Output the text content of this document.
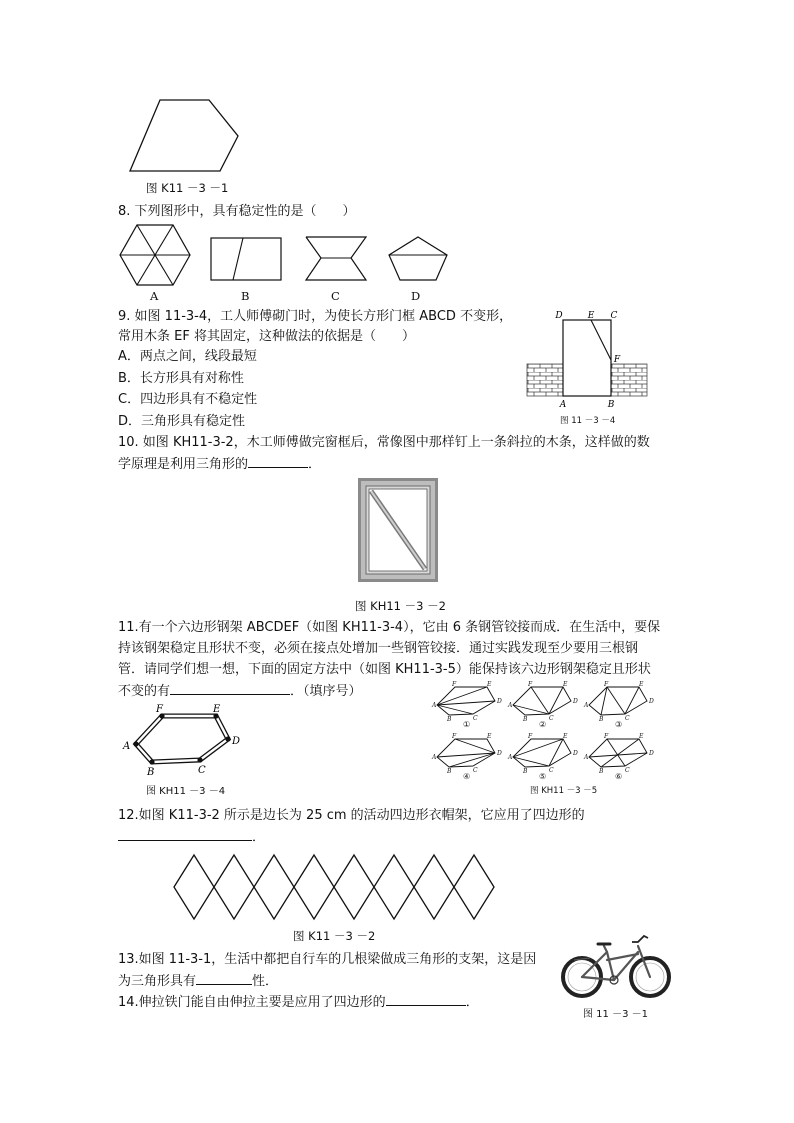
图 K11 －3 －1
8. 下列图形中，具有稳定性的是（　　）
A	B	C	D
9. 如图 11-3-4，工人师傅砌门时，为使长方形门框 ABCD 不变形，
常用木条 EF 将其固定，这种做法的依据是（　　）
A．两点之间，线段最短
B．长方形具有对称性
C．四边形具有不稳定性
D．三角形具有稳定性
D	E C
F
A	B
图 11 －3 －4
10. 如图 KH11-3-2，木工师傅做完窗框后，常像图中那样钉上一条斜拉的木条，这样做的数
学原理是利用三角形的	．
图 KH11 －3 －2
11.有一个六边形钢架 ABCDEF（如图 KH11-3-4），它由 6 条钢管铰接而成．在生活中，要保
持该钢架稳定且形状不变，必须在接点处增加一些钢管铰接．通过实践发现至少要用三根钢
管．请同学们想一想，下面的固定方法中（如图 KH11-3-5）能保持该六边形钢架稳定且形状
不变的有	．（填序号）
A
B	C
D
E
F
图 KH11 －3 －4
A
B	C
D
E
F
A
B	C
D
E
F
A
B	C
D
E
F
A
B	C
D
E
F
A
B	C
D
E
F
A
B	C
D
E
F
①	②	③
④	⑤	⑥
图 KH11 －3 －5
12.如图 K11-3-2 所示是边长为 25 cm 的活动四边形衣帽架，它应用了四边形的
．
图 K11 －3 －2
13.如图 11-3-1，生活中都把自行车的几根梁做成三角形的支架，这是因
为三角形具有	性．
图 11 －3 －1
14.伸拉铁门能自由伸拉主要是应用了四边形的	．
